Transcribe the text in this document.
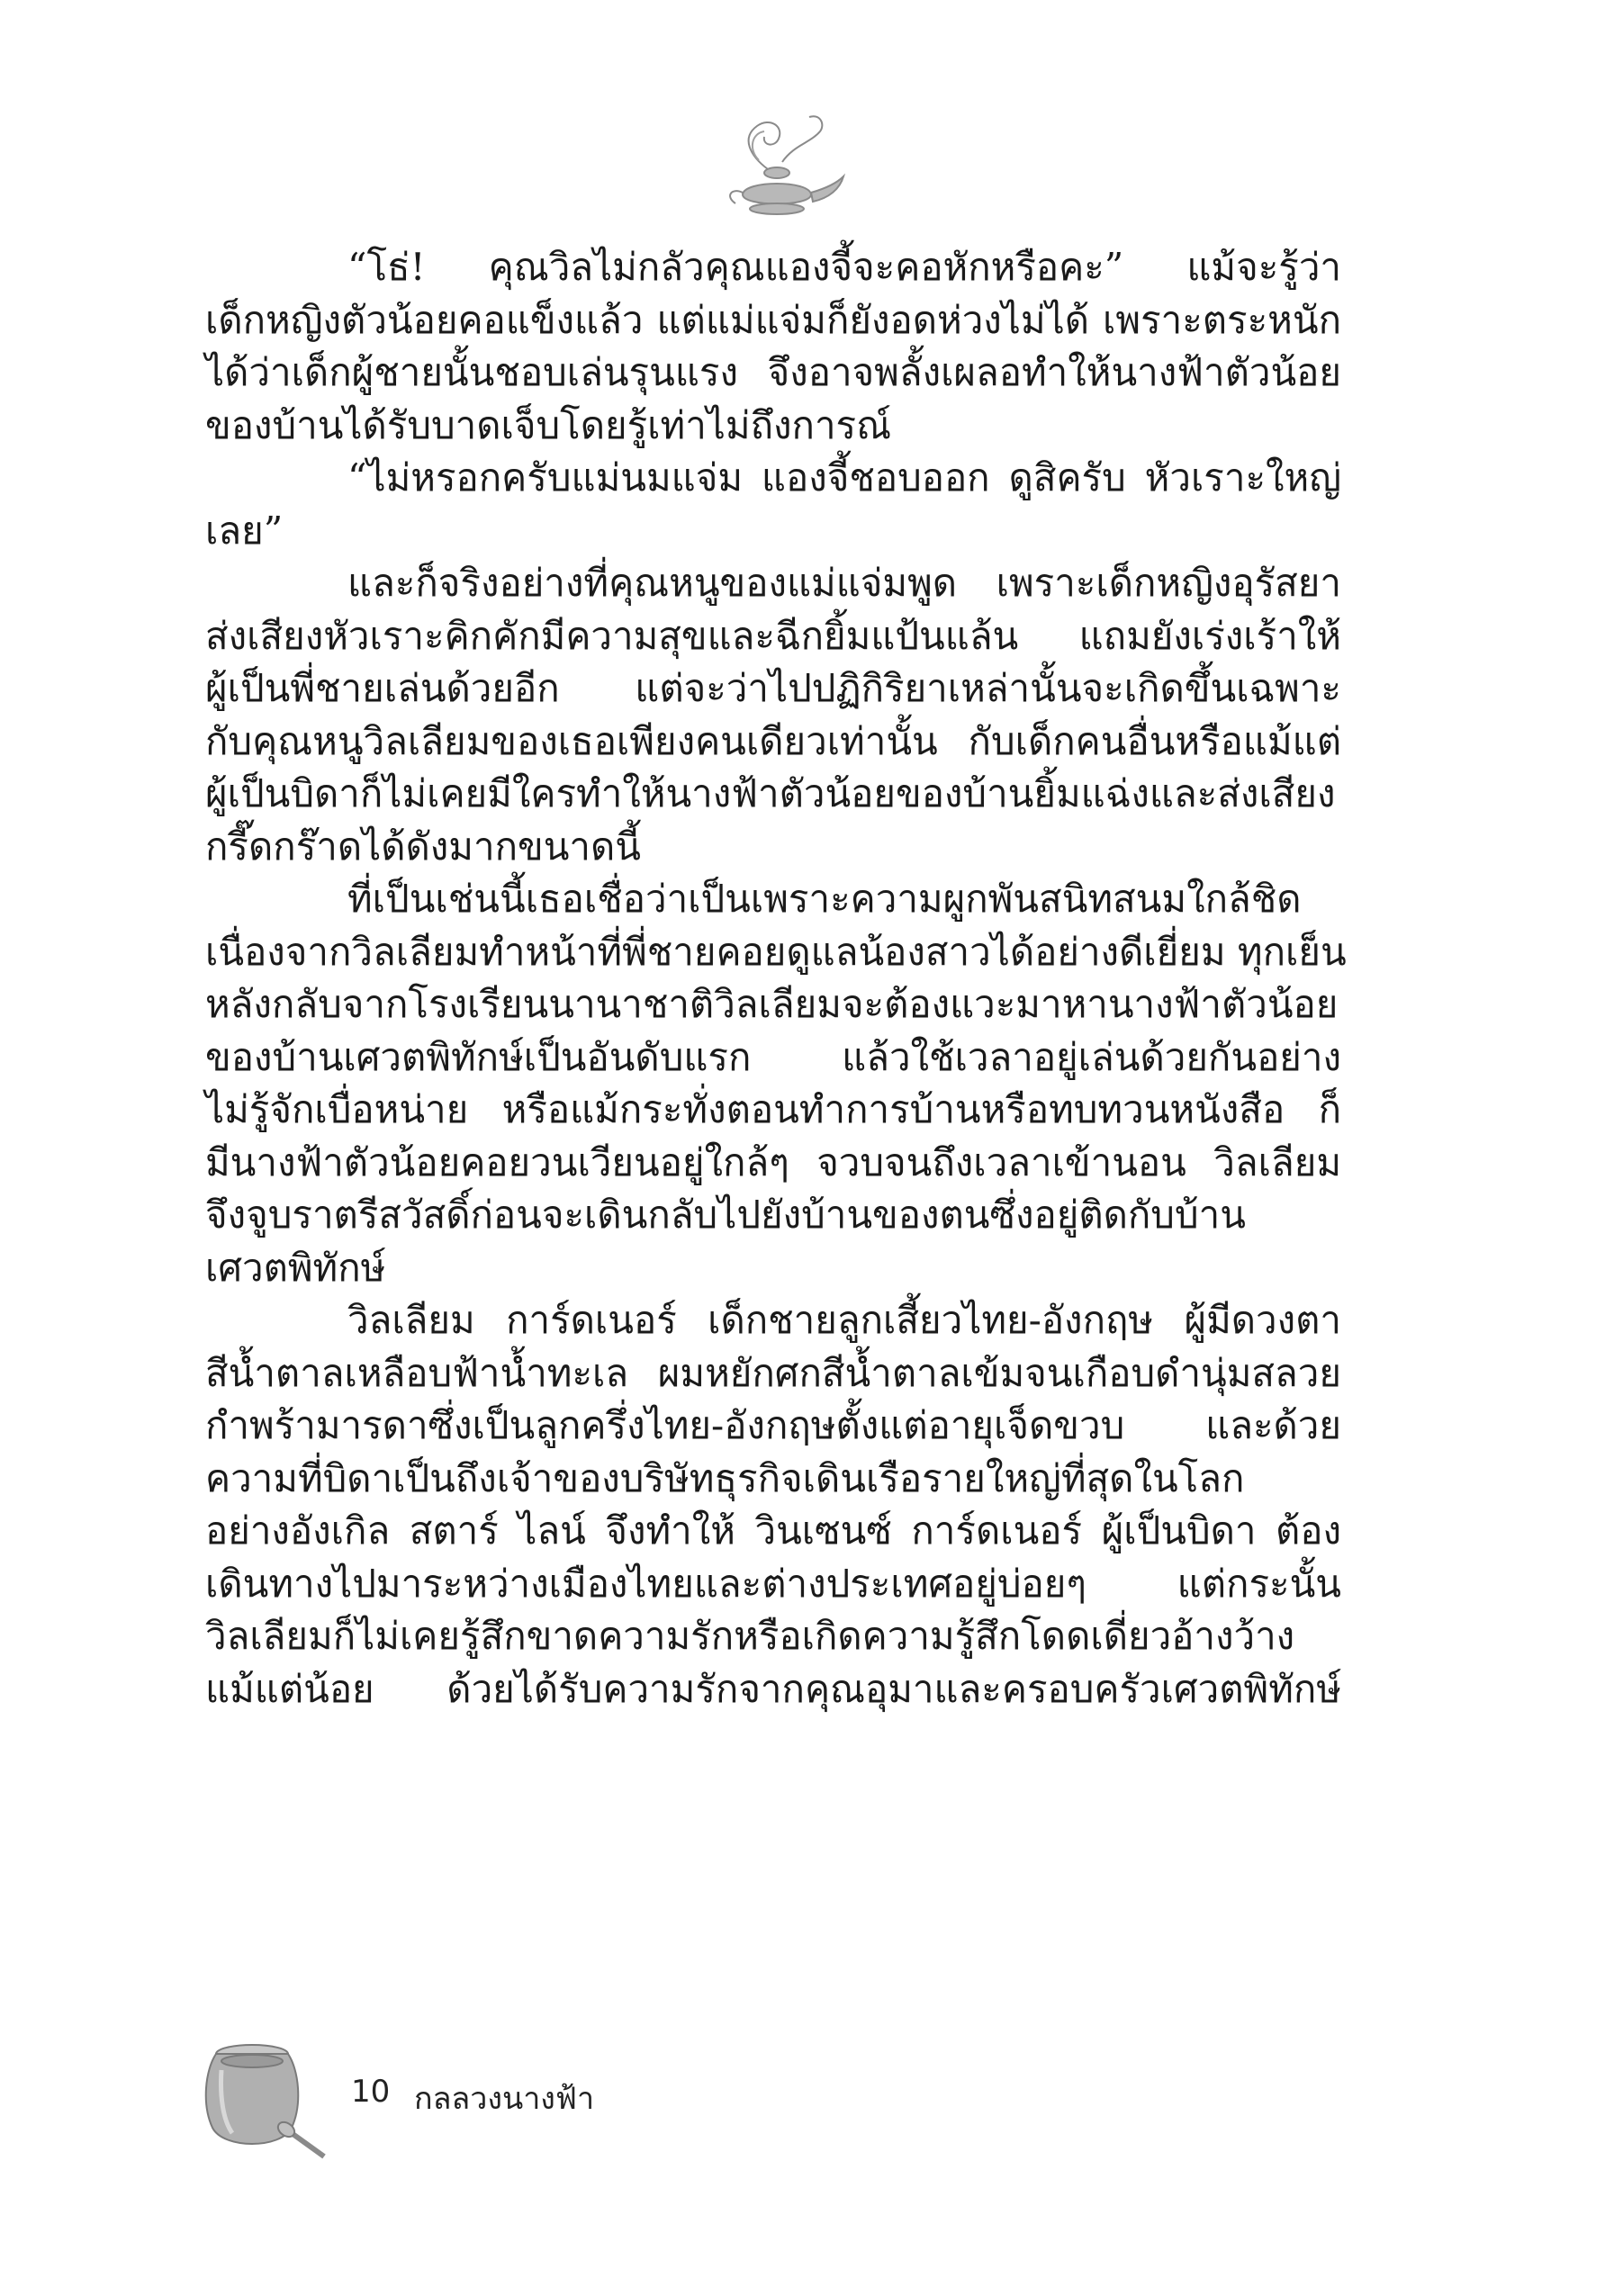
“โธ่! คุณวิลไม่กลัวคุณแองจี้จะคอหักหรือคะ” แม้จะรู้ว่า
เด็กหญิงตัวน้อยคอแข็งแล้ว แต่แม่แจ่มก็ยังอดห่วงไม่ได้ เพราะตระหนัก
ได้ว่าเด็กผู้ชายนั้นชอบเล่นรุนแรง จึงอาจพลั้งเผลอทำให้นางฟ้าตัวน้อย
ของบ้านได้รับบาดเจ็บโดยรู้เท่าไม่ถึงการณ์
“ไม่หรอกครับแม่นมแจ่ม แองจี้ชอบออก ดูสิครับ หัวเราะใหญ่
เลย”
และก็จริงอย่างที่คุณหนูของแม่แจ่มพูด เพราะเด็กหญิงอุรัสยา
ส่งเสียงหัวเราะคิกคักมีความสุขและฉีกยิ้มแป้นแล้น แถมยังเร่งเร้าให้
ผู้เป็นพี่ชายเล่นด้วยอีก แต่จะว่าไปปฏิกิริยาเหล่านั้นจะเกิดขึ้นเฉพาะ
กับคุณหนูวิลเลียมของเธอเพียงคนเดียวเท่านั้น กับเด็กคนอื่นหรือแม้แต่
ผู้เป็นบิดาก็ไม่เคยมีใครทำให้นางฟ้าตัวน้อยของบ้านยิ้มแฉ่งและส่งเสียง
กรี๊ดกร๊าดได้ดังมากขนาดนี้
ที่เป็นเช่นนี้เธอเชื่อว่าเป็นเพราะความผูกพันสนิทสนมใกล้ชิด
เนื่องจากวิลเลียมทำหน้าที่พี่ชายคอยดูแลน้องสาวได้อย่างดีเยี่ยม ทุกเย็น
หลังกลับจากโรงเรียนนานาชาติวิลเลียมจะต้องแวะมาหานางฟ้าตัวน้อย
ของบ้านเศวตพิทักษ์เป็นอันดับแรก แล้วใช้เวลาอยู่เล่นด้วยกันอย่าง
ไม่รู้จักเบื่อหน่าย หรือแม้กระทั่งตอนทำการบ้านหรือทบทวนหนังสือ ก็
มีนางฟ้าตัวน้อยคอยวนเวียนอยู่ใกล้ๆ จวบจนถึงเวลาเข้านอน วิลเลียม
จึงจูบราตรีสวัสดิ์ก่อนจะเดินกลับไปยังบ้านของตนซึ่งอยู่ติดกับบ้าน
เศวตพิทักษ์
วิลเลียม การ์ดเนอร์ เด็กชายลูกเสี้ยวไทย-อังกฤษ ผู้มีดวงตา
สีน้ำตาลเหลือบฟ้าน้ำทะเล ผมหยักศกสีน้ำตาลเข้มจนเกือบดำนุ่มสลวย
กำพร้ามารดาซึ่งเป็นลูกครึ่งไทย-อังกฤษตั้งแต่อายุเจ็ดขวบ และด้วย
ความที่บิดาเป็นถึงเจ้าของบริษัทธุรกิจเดินเรือรายใหญ่ที่สุดในโลก
อย่างอังเกิล สตาร์ ไลน์ จึงทำให้ วินเซนซ์ การ์ดเนอร์ ผู้เป็นบิดา ต้อง
เดินทางไปมาระหว่างเมืองไทยและต่างประเทศอยู่บ่อยๆ แต่กระนั้น
วิลเลียมก็ไม่เคยรู้สึกขาดความรักหรือเกิดความรู้สึกโดดเดี่ยวอ้างว้าง
แม้แต่น้อย ด้วยได้รับความรักจากคุณอุมาและครอบครัวเศวตพิทักษ์
10 กลลวงนางฟ้า
